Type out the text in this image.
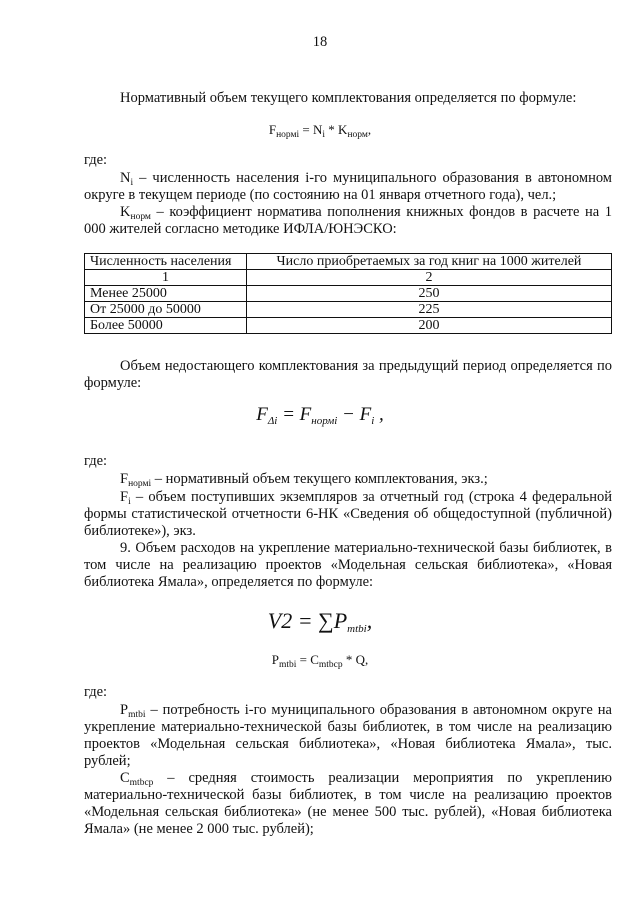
18
Нормативный объем текущего комплектования определяется по формуле:
$F_{нормi} = N_i * K_{норм}$,
где:
$N_i$ – численность населения i-го муниципального образования в автономном округе в текущем периоде (по состоянию на 01 января отчетного года), чел.;
$K_{норм}$ – коэффициент норматива пополнения книжных фондов в расчете на 1 000 жителей согласно методике ИФЛА/ЮНЭСКО:
Численность населения	Число приобретаемых за год книг на 1000 жителей
1	2
Менее 25000	250
От 25000 до 50000	225
Более 50000	200
Объем недостающего комплектования за предыдущий период определяется по формуле:
$F_{\Delta i} = F_{нормi} - F_i$ ,
где:
$F_{нормi}$ – нормативный объем текущего комплектования, экз.;
$F_i$ – объем поступивших экземпляров за отчетный год (строка 4 федеральной формы статистической отчетности 6-НК «Сведения об общедоступной (публичной) библиотеке»), экз.
9. Объем расходов на укрепление материально-технической базы библиотек, в том числе на реализацию проектов «Модельная сельская библиотека», «Новая библиотека Ямала», определяется по формуле:
$V2 = \sum P_{mtbi}$,
$P_{mtbi} = C_{mtbcp} * Q$,
где:
$P_{mtbi}$ – потребность i-го муниципального образования в автономном округе на укрепление материально-технической базы библиотек, в том числе на реализацию проектов «Модельная сельская библиотека», «Новая библиотека Ямала», тыс. рублей;
$C_{mtbcp}$ – средняя стоимость реализации мероприятия по укреплению материально-технической базы библиотек, в том числе на реализацию проектов «Модельная сельская библиотека» (не менее 500 тыс. рублей), «Новая библиотека Ямала» (не менее 2 000 тыс. рублей);
